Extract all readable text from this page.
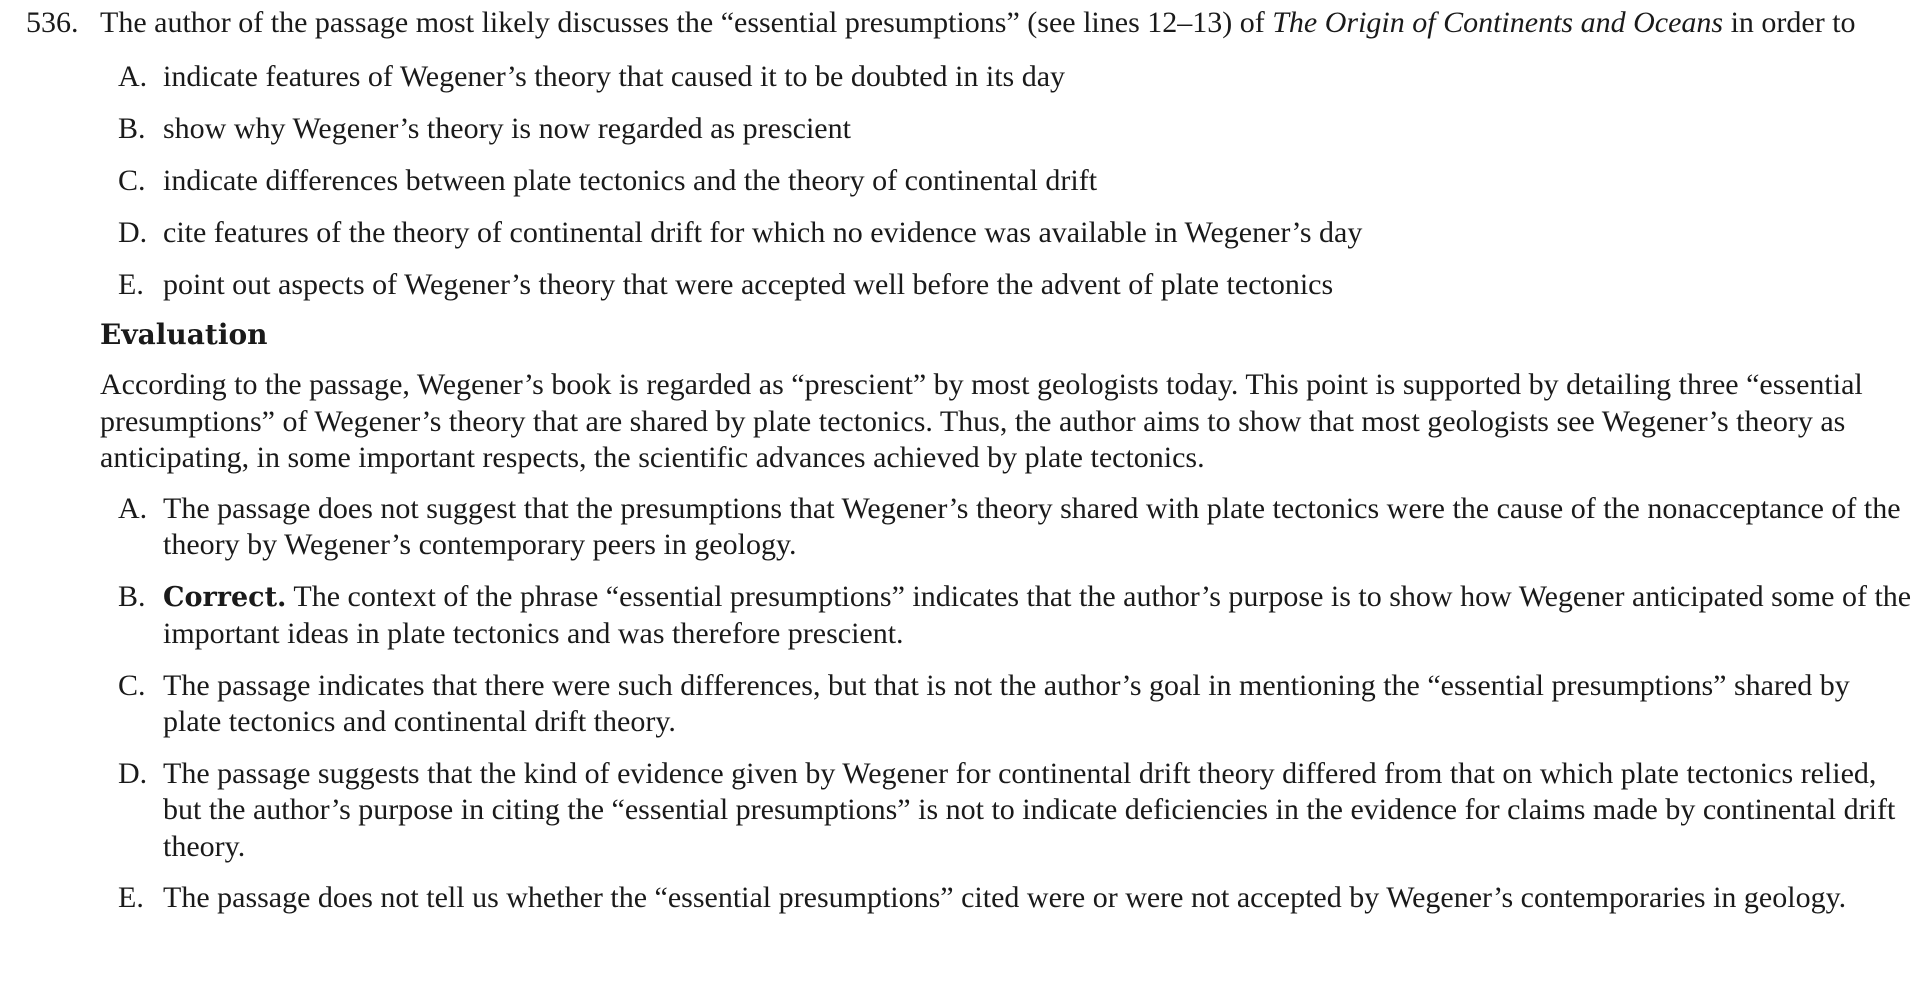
536. The author of the passage most likely discusses the “essential presumptions” (see lines 12–13) of The Origin of Continents and Oceans in order to
A. indicate features of Wegener’s theory that caused it to be doubted in its day
B. show why Wegener’s theory is now regarded as prescient
C. indicate differences between plate tectonics and the theory of continental drift
D. cite features of the theory of continental drift for which no evidence was available in Wegener’s day
E. point out aspects of Wegener’s theory that were accepted well before the advent of plate tectonics
Evaluation
According to the passage, Wegener’s book is regarded as “prescient” by most geologists today. This point is supported by detailing three “essential presumptions” of Wegener’s theory that are shared by plate tectonics. Thus, the author aims to show that most geologists see Wegener’s theory as anticipating, in some important respects, the scientific advances achieved by plate tectonics.
A. The passage does not suggest that the presumptions that Wegener’s theory shared with plate tectonics were the cause of the nonacceptance of the theory by Wegener’s contemporary peers in geology.
B. Correct. The context of the phrase “essential presumptions” indicates that the author’s purpose is to show how Wegener anticipated some of the important ideas in plate tectonics and was therefore prescient.
C. The passage indicates that there were such differences, but that is not the author’s goal in mentioning the “essential presumptions” shared by plate tectonics and continental drift theory.
D. The passage suggests that the kind of evidence given by Wegener for continental drift theory differed from that on which plate tectonics relied, but the author’s purpose in citing the “essential presumptions” is not to indicate deficiencies in the evidence for claims made by continental drift theory.
E. The passage does not tell us whether the “essential presumptions” cited were or were not accepted by Wegener’s contemporaries in geology.
